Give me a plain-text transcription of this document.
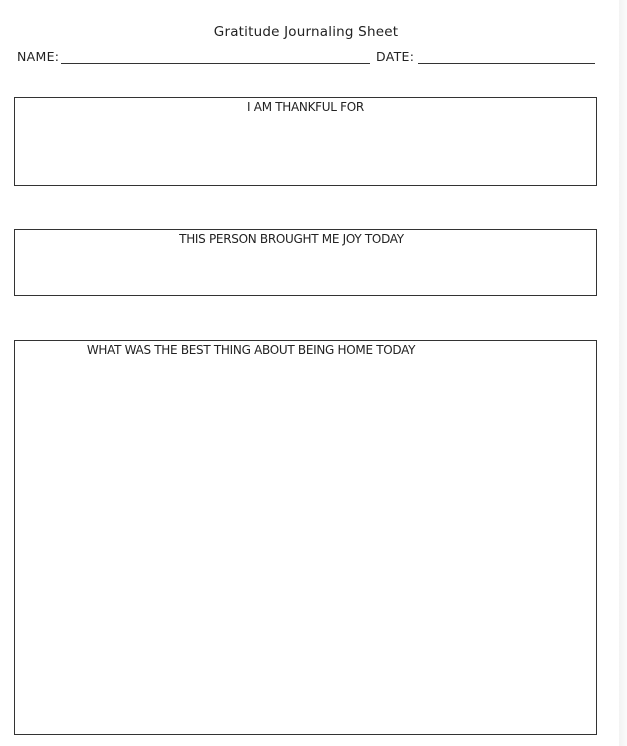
Gratitude Journaling Sheet
NAME:	DATE:
I AM THANKFUL FOR
THIS PERSON BROUGHT ME JOY TODAY
WHAT WAS THE BEST THING ABOUT BEING HOME TODAY
